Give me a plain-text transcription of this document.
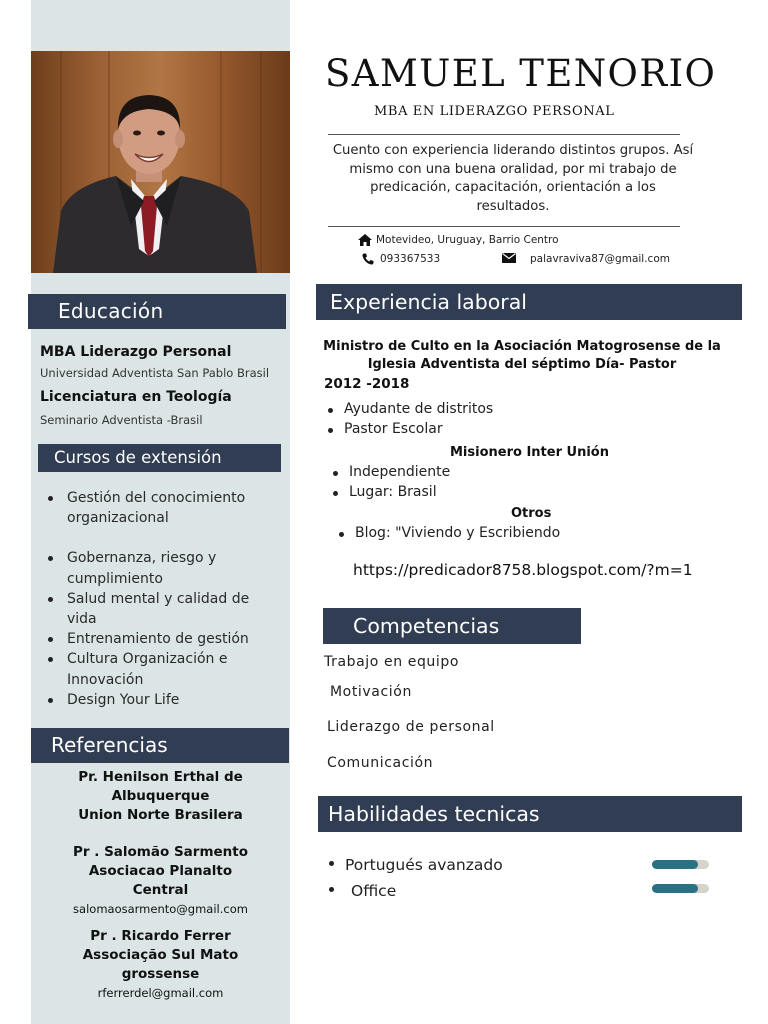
Educación
MBA Liderazgo Personal
Universidad Adventista San Pablo Brasil
Licenciatura en Teología
Seminario Adventista -Brasil
Cursos de extensión
Gestión del conocimiento organizacional
Gobernanza, riesgo y cumplimiento
Salud mental y calidad de vida
Entrenamiento de gestión
Cultura Organización e Innovación
Design Your Life
Referencias
Pr. Henilson Erthal de
Albuquerque
Union Norte Brasilera
Pr . Salomão Sarmento
Asociacao Planalto
Central
salomaosarmento@gmail.com
Pr . Ricardo Ferrer
Associação Sul Mato
grossense
rferrerdel@gmail.com
SAMUEL TENORIO
MBA EN LIDERAZGO PERSONAL
Cuento con experiencia liderando distintos grupos. Así mismo con una buena oralidad, por mi trabajo de predicación, capacitación, orientación a los resultados.
Motevideo, Uruguay, Barrio Centro
093367533	palavraviva87@gmail.com
Experiencia laboral
Ministro de Culto en la Asociación Matogrosense de la Iglesia Adventista del séptimo Día- Pastor
2012 -2018
Ayudante de distritos
Pastor Escolar
Misionero Inter Unión
Independiente
Lugar: Brasil
Otros
Blog: "Viviendo y Escribiendo
https://predicador8758.blogspot.com/?m=1
Competencias
Trabajo en equipo
Motivación
Liderazgo de personal
Comunicación
Habilidades tecnicas
Portugués avanzado
Office
